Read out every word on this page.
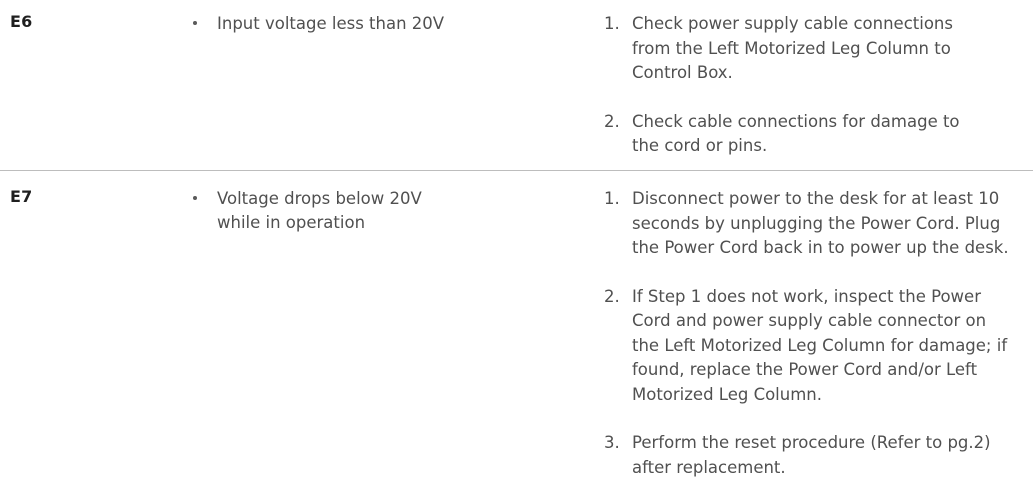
E6	Input voltage less than 20V	1. Check power supply cable connections from the Left Motorized Leg Column to Control Box.
2. Check cable connections for damage to the cord or pins.
E7	Voltage drops below 20V while in operation
1. Disconnect power to the desk for at least 10 seconds by unplugging the Power Cord. Plug the Power Cord back in to power up the desk.
2. If Step 1 does not work, inspect the Power Cord and power supply cable connector on the Left Motorized Leg Column for damage; if found, replace the Power Cord and/or Left Motorized Leg Column.
3. Perform the reset procedure (Refer to pg.2) after replacement.
